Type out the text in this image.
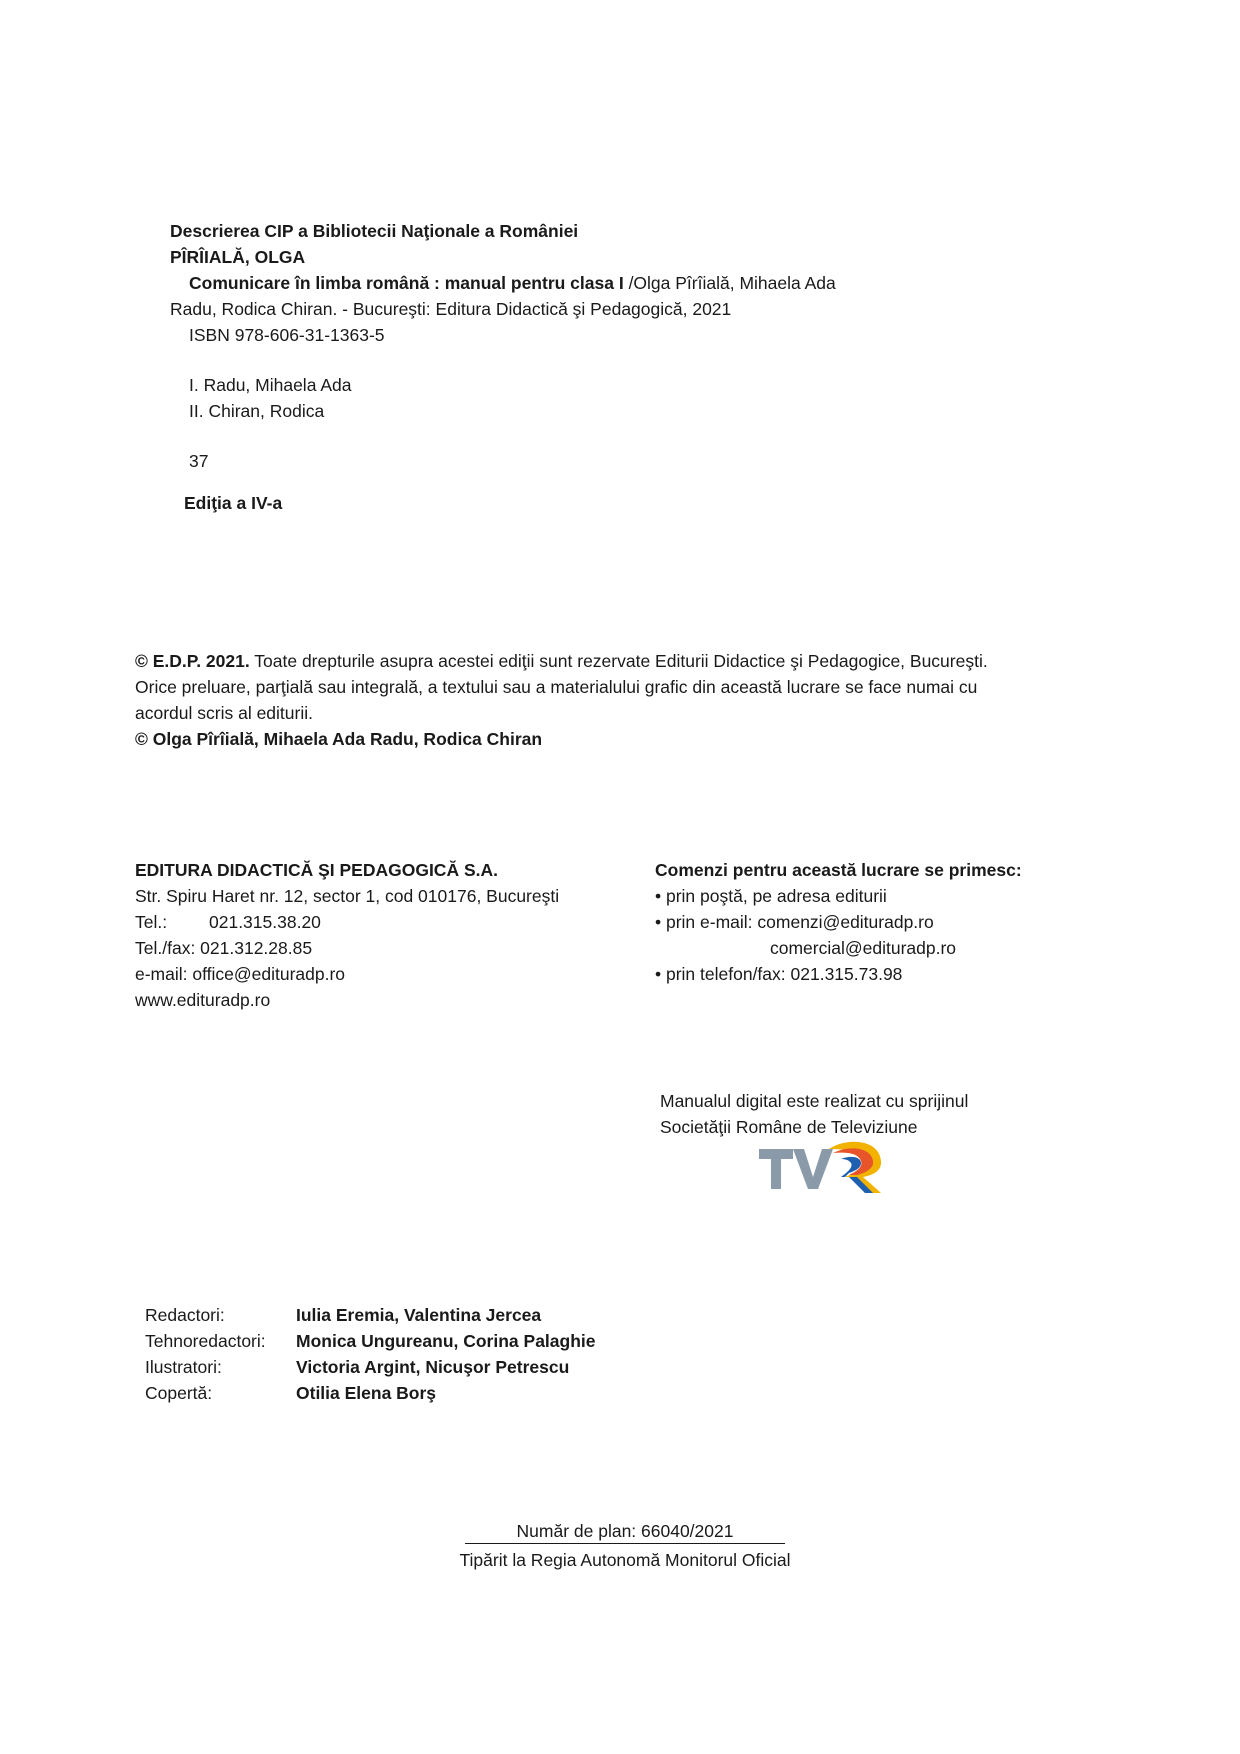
Descrierea CIP a Bibliotecii Naţionale a României
PÎRÎIALĂ, OLGA
Comunicare în limba română : manual pentru clasa I /Olga Pîrîială, Mihaela Ada
Radu, Rodica Chiran. - Bucureşti: Editura Didactică şi Pedagogică, 2021
ISBN 978-606-31-1363-5
I. Radu, Mihaela Ada
II. Chiran, Rodica
37
Ediţia a IV-a
© E.D.P. 2021. Toate drepturile asupra acestei ediţii sunt rezervate Editurii Didactice şi Pedagogice, Bucureşti.
Orice preluare, parţială sau integrală, a textului sau a materialului grafic din această lucrare se face numai cu
acordul scris al editurii.
© Olga Pîrîială, Mihaela Ada Radu, Rodica Chiran
EDITURA DIDACTICĂ ŞI PEDAGOGICĂ S.A.
Str. Spiru Haret nr. 12, sector 1, cod 010176, Bucureşti
Tel.: 021.315.38.20
Tel./fax: 021.312.28.85
e-mail: office@edituradp.ro
www.edituradp.ro
Comenzi pentru această lucrare se primesc:
• prin poştă, pe adresa editurii
• prin e-mail: comenzi@edituradp.ro
comercial@edituradp.ro
• prin telefon/fax: 021.315.73.98
Manualul digital este realizat cu sprijinul
Societăţii Române de Televiziune
Redactori:	Iulia Eremia, Valentina Jercea
Tehnoredactori:	Monica Ungureanu, Corina Palaghie
Ilustratori:	Victoria Argint, Nicuşor Petrescu
Copertă:	Otilia Elena Borş
Număr de plan: 66040/2021
Tipărit la Regia Autonomă Monitorul Oficial
